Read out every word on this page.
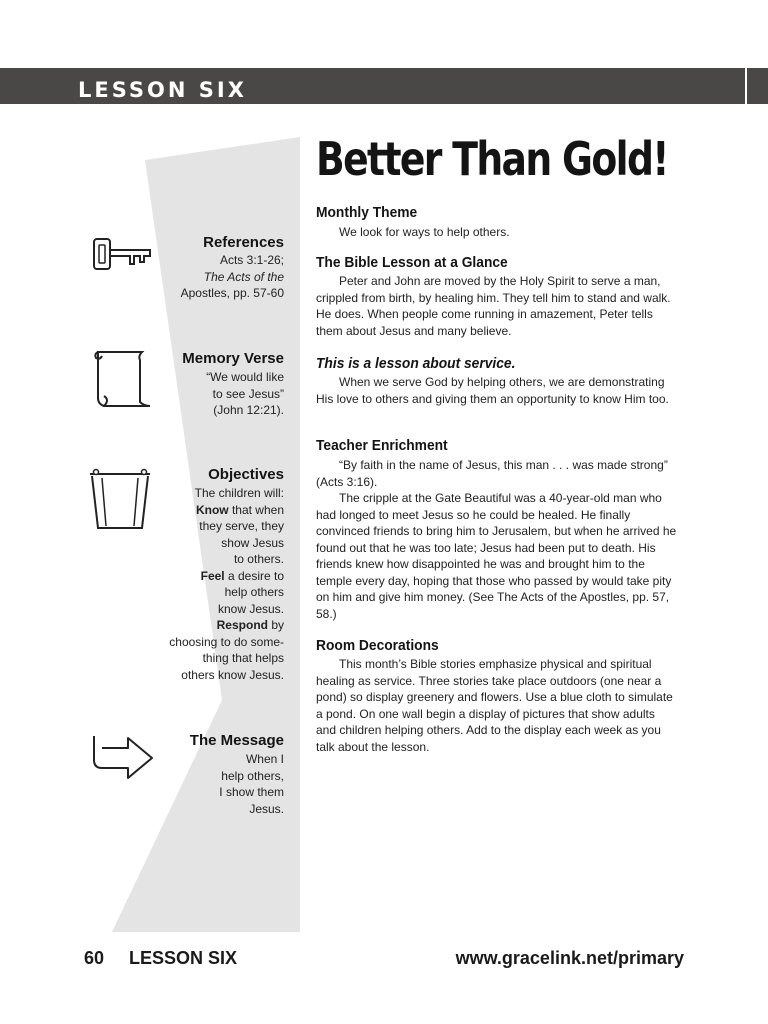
LESSON SIX
Better Than Gold!
References
Acts 3:1-26;
The Acts of the
Apostles, pp. 57-60
Memory Verse
“We would like
to see Jesus”
(John 12:21).
Objectives
The children will:
Know that when
they serve, they
show Jesus
to others.
Feel a desire to
help others
know Jesus.
Respond by
choosing to do some-
thing that helps
others know Jesus.
The Message
When I
help others,
I show them
Jesus.
Monthly Theme

We look for ways to help others.

The Bible Lesson at a Glance

Peter and John are moved by the Holy Spirit to serve a man, crippled from birth, by healing him. They tell him to stand and walk. He does. When people come running in amazement, Peter tells them about Jesus and many believe.

This is a lesson about service.

When we serve God by helping others, we are demonstrating His love to others and giving them an opportunity to know Him too.

Teacher Enrichment

“By faith in the name of Jesus, this man . . . was made strong” (Acts 3:16).

The cripple at the Gate Beautiful was a 40-year-old man who had longed to meet Jesus so he could be healed. He finally convinced friends to bring him to Jerusalem, but when he arrived he found out that he was too late; Jesus had been put to death. His friends knew how disappointed he was and brought him to the temple every day, hoping that those who passed by would take pity on him and give him money. (See The Acts of the Apostles, pp. 57, 58.)

Room Decorations

This month’s Bible stories emphasize physical and spiritual healing as service. Three stories take place outdoors (one near a pond) so display greenery and flowers. Use a blue cloth to simulate a pond. On one wall begin a display of pictures that show adults and children helping others. Add to the display each week as you talk about the lesson.

60 LESSON SIX	www.gracelink.net/primary
